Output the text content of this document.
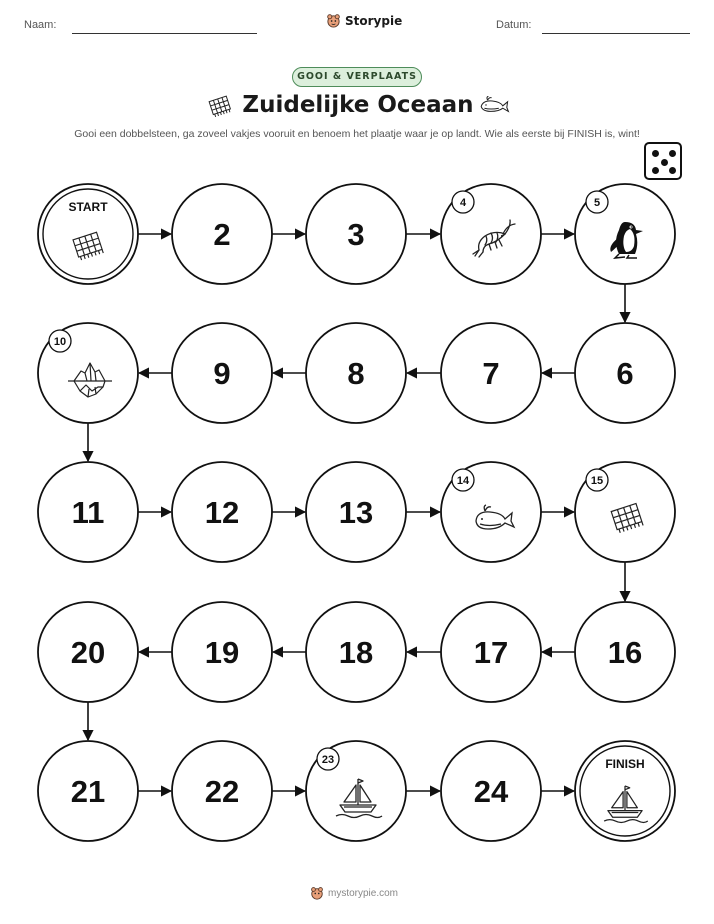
Naam:	Storypie	Datum:
GOOI & VERPLAATS
Zuidelijke Oceaan
Gooi een dobbelsteen, ga zoveel vakjes vooruit en benoem het plaatje waar je op landt. Wie als eerste bij FINISH is, wint!
START
2	3
4	5
6
7
8
9
10
11	12	13
14	15
16
17
18
19
20
21	22
23
24
FINISH
mystorypie.com
